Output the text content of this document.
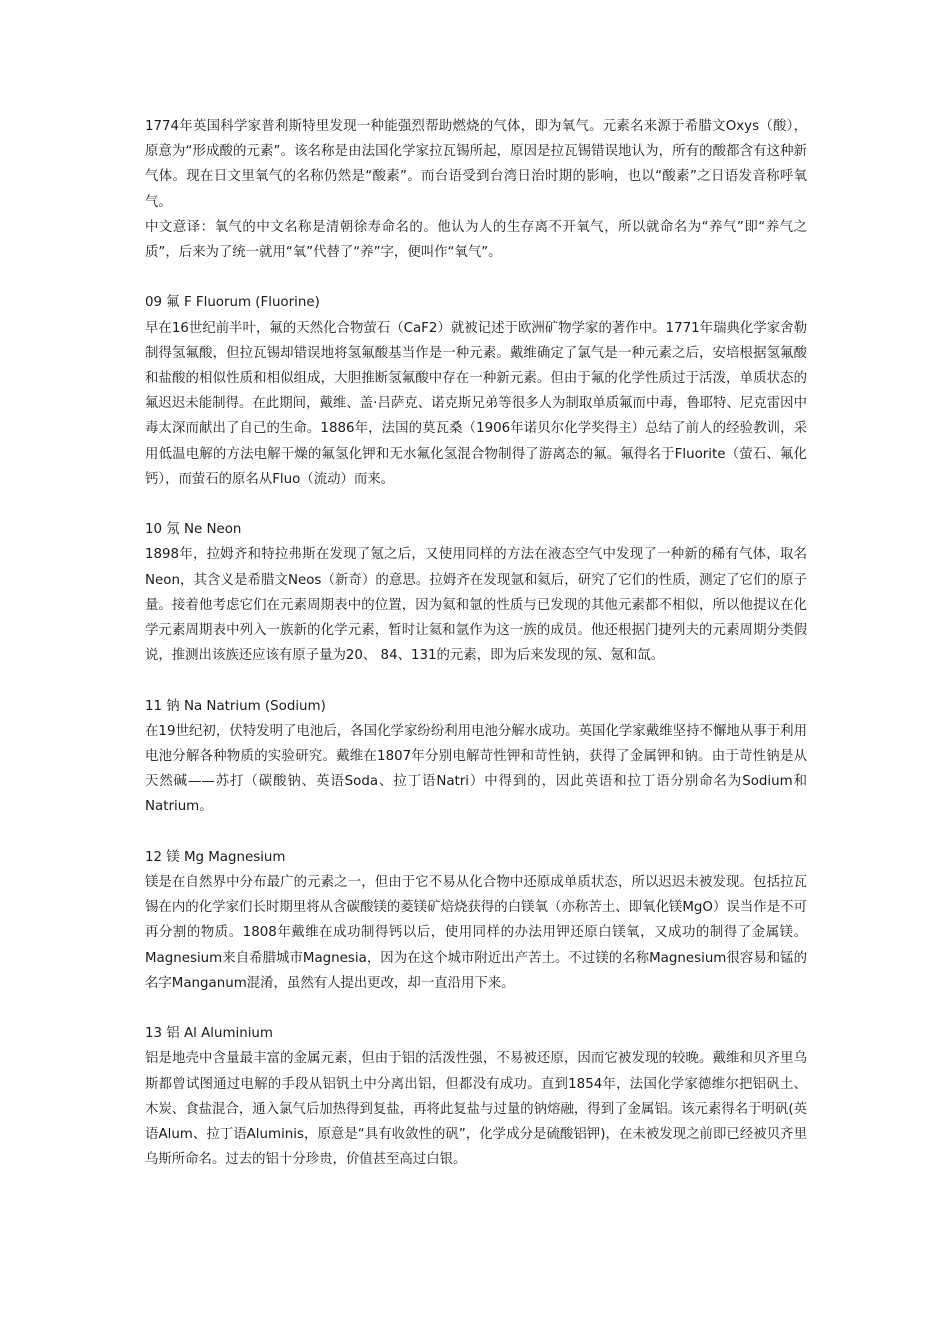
1774年英国科学家普利斯特里发现一种能强烈帮助燃烧的气体，即为氧气。元素名来源于希腊文Oxys（酸），原意为“形成酸的元素”。该名称是由法国化学家拉瓦锡所起，原因是拉瓦锡错误地认为，所有的酸都含有这种新气体。现在日文里氧气的名称仍然是“酸素”。而台语受到台湾日治时期的影响，也以“酸素”之日语发音称呼氧气。

中文意译：氧气的中文名称是清朝徐寿命名的。他认为人的生存离不开氧气，所以就命名为“养气”即“养气之质”，后来为了统一就用“氧”代替了“养”字，便叫作“氧气”。

09 氟 F Fluorum (Fluorine)

早在16世纪前半叶，氟的天然化合物萤石（CaF2）就被记述于欧洲矿物学家的著作中。1771年瑞典化学家舍勒制得氢氟酸，但拉瓦锡却错误地将氢氟酸基当作是一种元素。戴维确定了氯气是一种元素之后，安培根据氢氟酸和盐酸的相似性质和相似组成，大胆推断氢氟酸中存在一种新元素。但由于氟的化学性质过于活泼，单质状态的氟迟迟未能制得。在此期间，戴维、盖·吕萨克、诺克斯兄弟等很多人为制取单质氟而中毒，鲁耶特、尼克雷因中毒太深而献出了自己的生命。1886年，法国的莫瓦桑（1906年诺贝尔化学奖得主）总结了前人的经验教训，采用低温电解的方法电解干燥的氟氢化钾和无水氟化氢混合物制得了游离态的氟。氟得名于Fluorite（萤石、氟化钙），而萤石的原名从Fluo（流动）而来。

10 氖 Ne Neon

1898年，拉姆齐和特拉弗斯在发现了氪之后，又使用同样的方法在液态空气中发现了一种新的稀有气体，取名Neon，其含义是希腊文Neos（新奇）的意思。拉姆齐在发现氩和氦后，研究了它们的性质，测定了它们的原子量。接着他考虑它们在元素周期表中的位置，因为氦和氩的性质与已发现的其他元素都不相似，所以他提议在化学元素周期表中列入一族新的化学元素，暂时让氦和氩作为这一族的成员。他还根据门捷列夫的元素周期分类假说，推测出该族还应该有原子量为20、 84、131的元素，即为后来发现的氖、氪和氙。

11 钠 Na Natrium (Sodium)

在19世纪初，伏特发明了电池后，各国化学家纷纷利用电池分解水成功。英国化学家戴维坚持不懈地从事于利用电池分解各种物质的实验研究。戴维在1807年分别电解苛性钾和苛性钠，获得了金属钾和钠。由于苛性钠是从天然碱——苏打（碳酸钠、英语Soda、拉丁语Natri）中得到的，因此英语和拉丁语分别命名为Sodium和Natrium。

12 镁 Mg Magnesium

镁是在自然界中分布最广的元素之一，但由于它不易从化合物中还原成单质状态，所以迟迟未被发现。包括拉瓦锡在内的化学家们长时期里将从含碳酸镁的菱镁矿焙烧获得的白镁氧（亦称苦土、即氧化镁MgO）误当作是不可再分割的物质。1808年戴维在成功制得钙以后，使用同样的办法用钾还原白镁氧，又成功的制得了金属镁。Magnesium来自希腊城市Magnesia，因为在这个城市附近出产苦土。不过镁的名称Magnesium很容易和锰的名字Manganum混淆，虽然有人提出更改，却一直沿用下来。

13 铝 Al Aluminium

铝是地壳中含量最丰富的金属元素，但由于铝的活泼性强，不易被还原，因而它被发现的较晚。戴维和贝齐里乌斯都曾试图通过电解的手段从铝钒土中分离出铝，但都没有成功。直到1854年，法国化学家德维尔把铝矾土、木炭、食盐混合，通入氯气后加热得到复盐，再将此复盐与过量的钠熔融，得到了金属铝。该元素得名于明矾(英语Alum、拉丁语Aluminis，原意是“具有收敛性的矾”，化学成分是硫酸铝钾)，在未被发现之前即已经被贝齐里乌斯所命名。过去的铝十分珍贵，价值甚至高过白银。
